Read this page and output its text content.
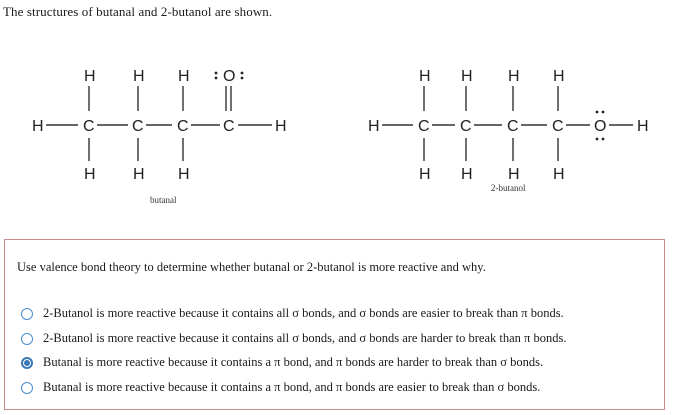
The structures of butanal and 2-butanol are shown.
H H H O
H C C C C	H
H H H
butanal
H H H H
H C C C C O H
H H H H
2-butanol
Use valence bond theory to determine whether butanal or 2-butanol is more reactive and why.
2-Butanol is more reactive because it contains all σ bonds, and σ bonds are easier to break than π bonds.
2-Butanol is more reactive because it contains all σ bonds, and σ bonds are harder to break than π bonds.
Butanal is more reactive because it contains a π bond, and π bonds are harder to break than σ bonds.
Butanal is more reactive because it contains a π bond, and π bonds are easier to break than σ bonds.
